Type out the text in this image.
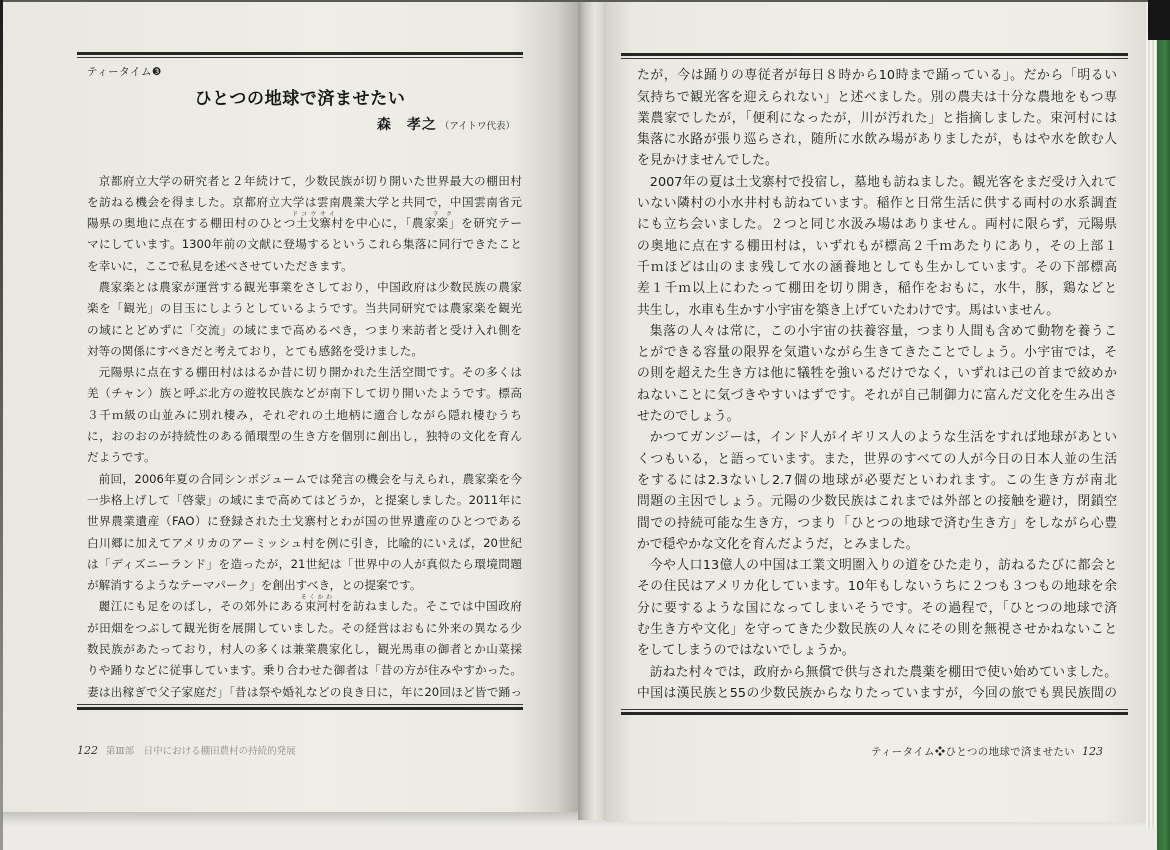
ティータイム❸
ひとつの地球で済ませたい
森　孝之 （アイトワ代表）
京都府立大学の研究者と２年続けて，少数民族が切り開いた世界最大の棚田村
を訪ねる機会を得ました。京都府立大学は雲南農業大学と共同で，中国雲南省元
陽県の奥地に点在する棚田村のひとつ土戈寨
ドコウサイ
村を中心に，「農家楽
ラク
」を研究テー
マにしています。1300年前の文献に登場するというこれら集落に同行できたこと
を幸いに，ここで私見を述べさせていただきます。
農家楽とは農家が運営する観光事業をさしており，中国政府は少数民族の農家
楽を「観光」の目玉にしようとしているようです。当共同研究では農家楽を観光
の域にとどめずに「交流」の域にまで高めるべき，つまり来訪者と受け入れ側を
対等の関係にすべきだと考えており，とても感銘を受けました。
元陽県に点在する棚田村ははるか昔に切り開かれた生活空間です。その多くは
羌（チャン）族と呼ぶ北方の遊牧民族などが南下して切り開いたようです。標高
３千ｍ級の山並みに別れ棲み，それぞれの土地柄に適合しながら隠れ棲むうち
に，おのおのが持続性のある循環型の生き方を個別に創出し，独特の文化を育ん
だようです。
前回，2006年夏の合同シンポジュームでは発言の機会を与えられ，農家楽を今
一歩格上げして「啓蒙」の域にまで高めてはどうか，と提案しました。2011年に
世界農業遺産（FAO）に登録された土戈寨村とわが国の世界遺産のひとつである
白川郷に加えてアメリカのアーミッシュ村を例に引き，比喩的にいえば，20世紀
は「ディズニーランド」を造ったが，21世紀は「世界中の人が真似たら環境問題
が解消するようなテーマパーク」を創出すべき，との提案です。
麗江にも足をのばし，その郊外にある束河
そくかわ
村を訪ねました。そこでは中国政府
が田畑をつぶして観光街を展開していました。その経営はおもに外来の異なる少
数民族があたっており，村人の多くは兼業農家化し，観光馬車の御者とか山菜採
りや踊りなどに従事しています。乗り合わせた御者は「昔の方が住みやすかった。
妻は出稼ぎで父子家庭だ」「昔は祭や婚礼などの良き日に，年に20回ほど皆で踊っ
122 第Ⅲ部　日中における棚田農村の持続的発展
たが，今は踊りの専従者が毎日８時から10時まで踊っている」。だから「明るい
気持ちで観光客を迎えられない」と述べました。別の農夫は十分な農地をもつ専
業農家でしたが，「便利になったが，川が汚れた」と指摘しました。束河村には
集落に水路が張り巡らされ，随所に水飲み場がありましたが，もはや水を飲む人
を見かけませんでした。
2007年の夏は土戈寨村で投宿し，墓地も訪ねました。観光客をまだ受け入れて
いない隣村の小水井村も訪ねています。稲作と日常生活に供する両村の水系調査
にも立ち会いました。２つと同じ水汲み場はありません。両村に限らず，元陽県
の奥地に点在する棚田村は，いずれもが標高２千ｍあたりにあり，その上部１
千ｍほどは山のまま残して水の涵養地としても生かしています。その下部標高
差１千ｍ以上にわたって棚田を切り開き，稲作をおもに，水牛，豚，鶏などと
共生し，水車も生かす小宇宙を築き上げていたわけです。馬はいません。
集落の人々は常に，この小宇宙の扶養容量，つまり人間も含めて動物を養うこ
とができる容量の限界を気遣いながら生きてきたことでしょう。小宇宙では，そ
の則を超えた生き方は他に犠牲を強いるだけでなく，いずれは己の首まで絞めか
ねないことに気づきやすいはずです。それが自己制御力に富んだ文化を生み出さ
せたのでしょう。
かつてガンジーは，インド人がイギリス人のような生活をすれば地球があとい
くつもいる，と語っています。また，世界のすべての人が今日の日本人並の生活
をするには2.3ないし2.7個の地球が必要だといわれます。この生き方が南北
問題の主因でしょう。元陽の少数民族はこれまでは外部との接触を避け，閉鎖空
間での持続可能な生き方，つまり「ひとつの地球で済む生き方」をしながら心豊
かで穏やかな文化を育んだようだ，とみました。
今や人口13億人の中国は工業文明圏入りの道をひた走り，訪ねるたびに都会と
その住民はアメリカ化しています。10年もしないうちに２つも３つもの地球を余
分に要するような国になってしまいそうです。その過程で，「ひとつの地球で済
む生き方や文化」を守ってきた少数民族の人々にその則を無視させかねないこと
をしてしまうのではないでしょうか。
訪ねた村々では，政府から無償で供与された農薬を棚田で使い始めていました。
中国は漢民族と55の少数民族からなりたっていますが，今回の旅でも異民族間の
ティータイム❖ひとつの地球で済ませたい 123
